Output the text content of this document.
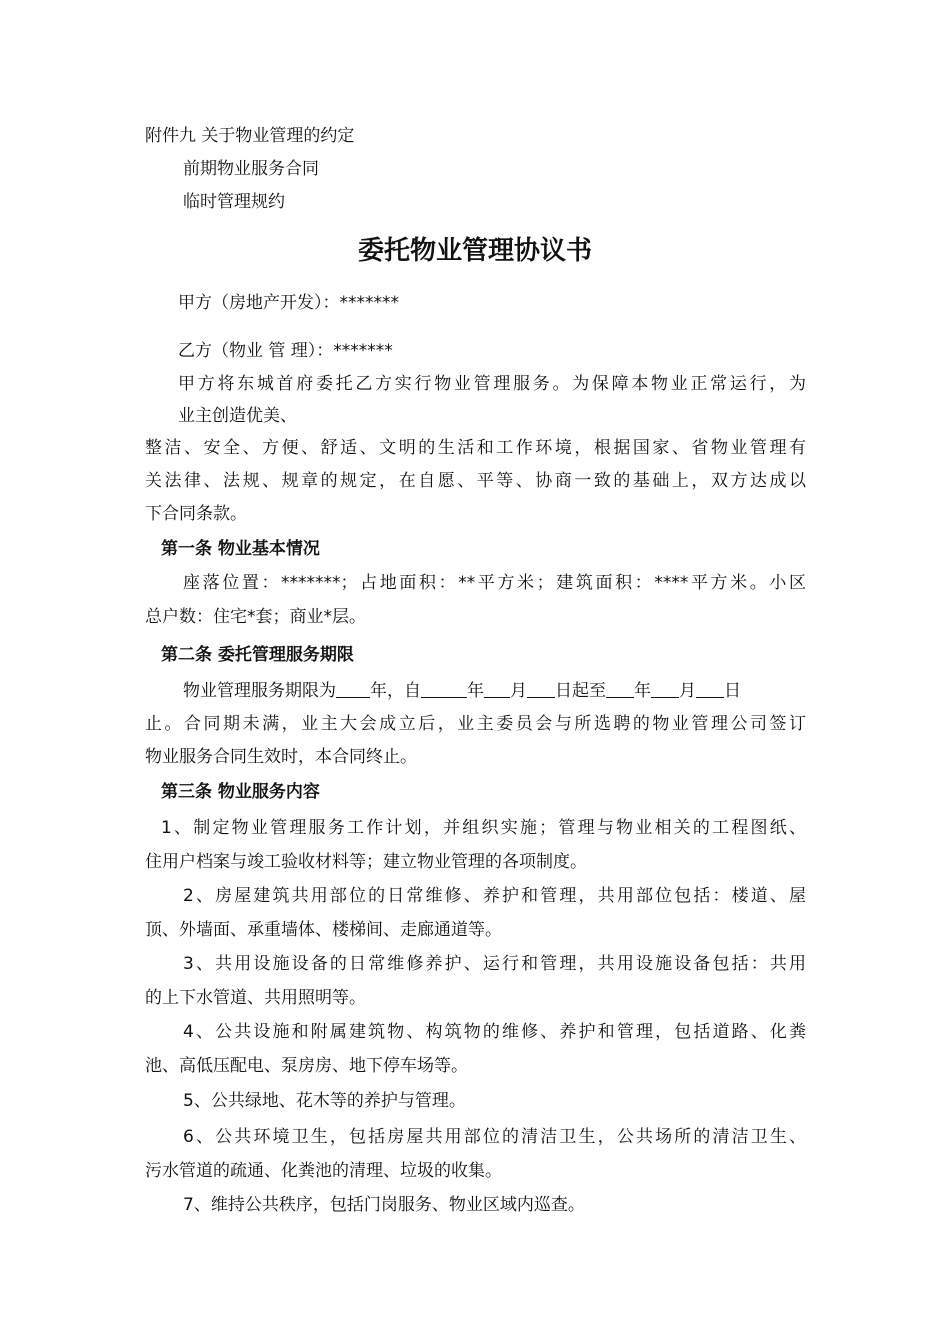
附件九 关于物业管理的约定
前期物业服务合同
临时管理规约
委托物业管理协议书
甲方（房地产开发）：*******
乙方（物业 管 理）：*******
甲方将东城首府委托乙方实行物业管理服务。为保障本物业正常运行，为
业主创造优美、
整洁、安全、方便、舒适、文明的生活和工作环境，根据国家、省物业管理有
关法律、法规、规章的规定，在自愿、平等、协商一致的基础上，双方达成以
下合同条款。
第一条 物业基本情况
座落位置：*******；占地面积：**平方米；建筑面积：****平方米。小区
总户数：住宅*套；商业*层。
第二条 委托管理服务期限
物业管理服务期限为 年，自	年 月 日起至 年 月 日
止。合同期未满，业主大会成立后，业主委员会与所选聘的物业管理公司签订
物业服务合同生效时，本合同终止。
第三条 物业服务内容
1、制定物业管理服务工作计划，并组织实施；管理与物业相关的工程图纸、
住用户档案与竣工验收材料等；建立物业管理的各项制度。
2、房屋建筑共用部位的日常维修、养护和管理，共用部位包括：楼道、屋
顶、外墙面、承重墙体、楼梯间、走廊通道等。
3、共用设施设备的日常维修养护、运行和管理，共用设施设备包括：共用
的上下水管道、共用照明等。
4、公共设施和附属建筑物、构筑物的维修、养护和管理，包括道路、化粪
池、高低压配电、泵房房、地下停车场等。
5、公共绿地、花木等的养护与管理。
6、公共环境卫生，包括房屋共用部位的清洁卫生，公共场所的清洁卫生、
污水管道的疏通、化粪池的清理、垃圾的收集。
7、维持公共秩序，包括门岗服务、物业区域内巡查。
